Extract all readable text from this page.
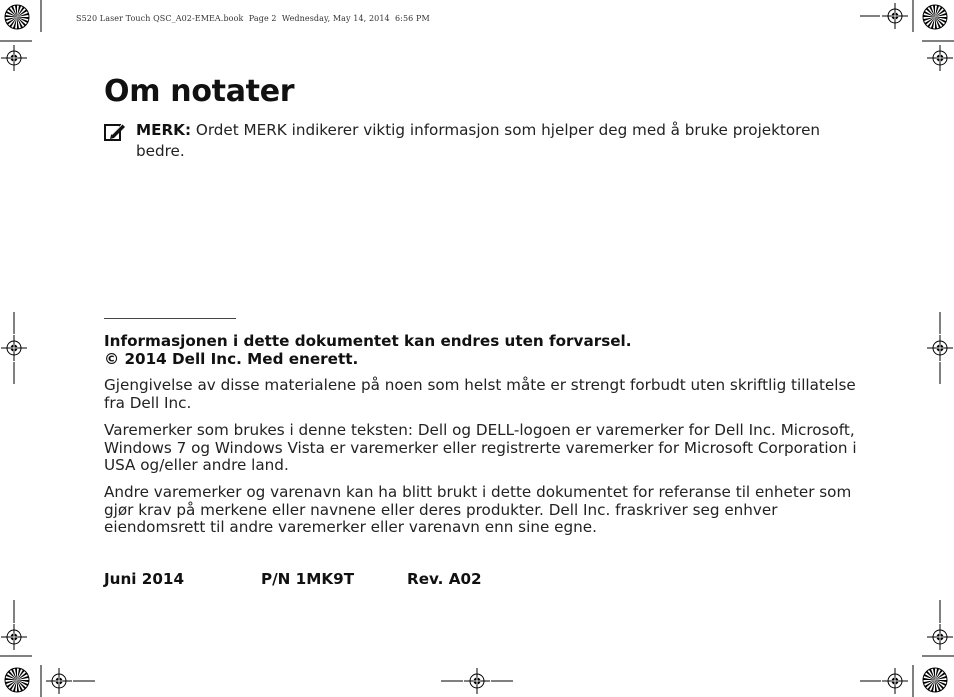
S520 Laser Touch QSC_A02-EMEA.book  Page 2  Wednesday, May 14, 2014  6:56 PM
Om notater
MERK: Ordet MERK indikerer viktig informasjon som hjelper deg med å bruke projektoren bedre.
Informasjonen i dette dokumentet kan endres uten forvarsel.
© 2014 Dell Inc. Med enerett.
Gjengivelse av disse materialene på noen som helst måte er strengt forbudt uten skriftlig tillatelse fra Dell Inc.
Varemerker som brukes i denne teksten: Dell og DELL-logoen er varemerker for Dell Inc. Microsoft, Windows 7 og Windows Vista er varemerker eller registrerte varemerker for Microsoft Corporation i USA og/eller andre land.
Andre varemerker og varenavn kan ha blitt brukt i dette dokumentet for referanse til enheter som gjør krav på merkene eller navnene eller deres produkter. Dell Inc. fraskriver seg enhver eiendomsrett til andre varemerker eller varenavn enn sine egne.
Juni 2014	P/N 1MK9T	Rev. A02
